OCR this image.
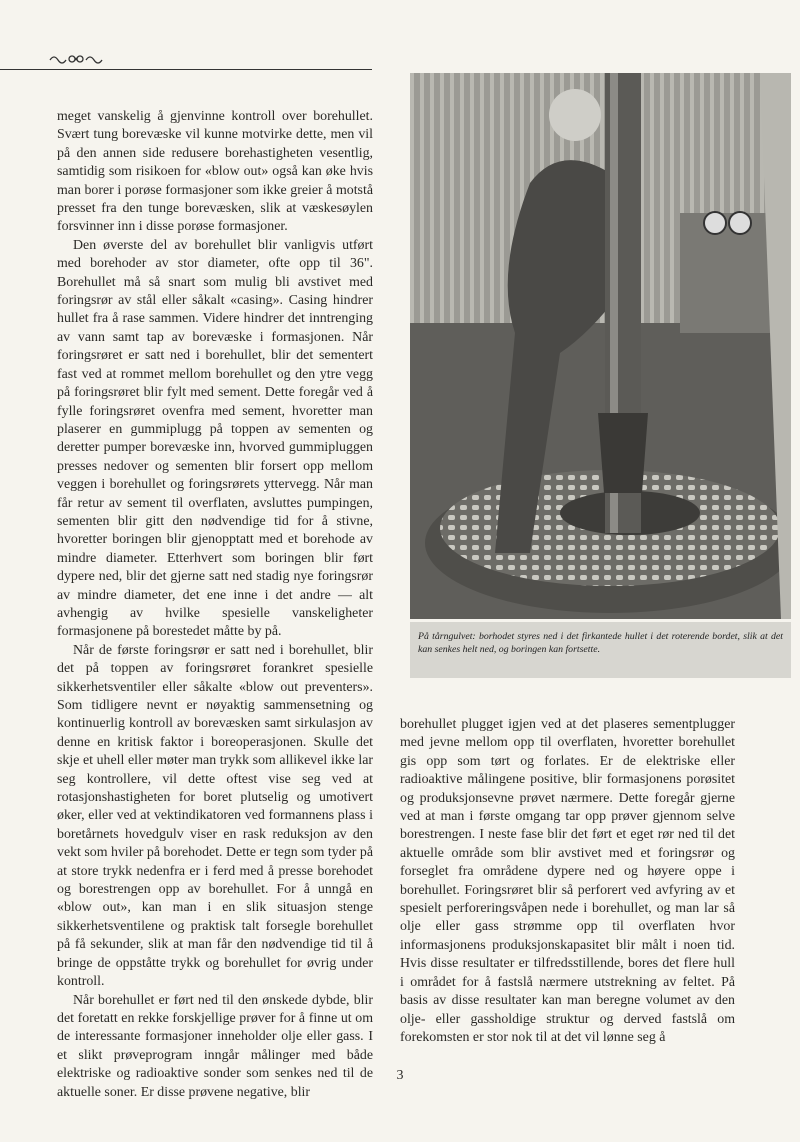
meget vanskelig å gjenvinne kontroll over borehullet. Svært tung borevæske vil kunne motvirke dette, men vil på den annen side redusere borehastigheten vesentlig, samtidig som risikoen for «blow out» også kan øke hvis man borer i porøse formasjoner som ikke greier å motstå presset fra den tunge borevæsken, slik at væskesøylen forsvinner inn i disse porøse formasjoner.

Den øverste del av borehullet blir vanligvis utført med borehoder av stor diameter, ofte opp til 36". Borehullet må så snart som mulig bli avstivet med foringsrør av stål eller såkalt «casing». Casing hindrer hullet fra å rase sammen. Videre hindrer det inntrenging av vann samt tap av borevæske i formasjonen. Når foringsrøret er satt ned i borehullet, blir det sementert fast ved at rommet mellom borehullet og den ytre vegg på foringsrøret blir fylt med sement. Dette foregår ved å fylle foringsrøret ovenfra med sement, hvoretter man plaserer en gummiplugg på toppen av sementen og deretter pumper borevæske inn, hvorved gummipluggen presses nedover og sementen blir forsert opp mellom veggen i borehullet og foringsrørets yttervegg. Når man får retur av sement til overflaten, avsluttes pumpingen, sementen blir gitt den nødvendige tid for å stivne, hvoretter boringen blir gjenopptatt med et borehode av mindre diameter. Etterhvert som boringen blir ført dypere ned, blir det gjerne satt ned stadig nye foringsrør av mindre diameter, det ene inne i det andre — alt avhengig av hvilke spesielle vanskeligheter formasjonene på borestedet måtte by på.

Når de første foringsrør er satt ned i borehullet, blir det på toppen av foringsrøret forankret spesielle sikkerhetsventiler eller såkalte «blow out preventers». Som tidligere nevnt er nøyaktig sammensetning og kontinuerlig kontroll av borevæsken samt sirkulasjon av denne en kritisk faktor i boreoperasjonen. Skulle det skje et uhell eller møter man trykk som allikevel ikke lar seg kontrollere, vil dette oftest vise seg ved at rotasjonshastigheten for boret plutselig og umotivert øker, eller ved at vektindikatoren ved formannens plass i boretårnets hovedgulv viser en rask reduksjon av den vekt som hviler på borehodet. Dette er tegn som tyder på at store trykk nedenfra er i ferd med å presse borehodet og borestrengen opp av borehullet. For å unngå en «blow out», kan man i en slik situasjon stenge sikkerhetsventilene og praktisk talt forsegle borehullet på få sekunder, slik at man får den nødvendige tid til å bringe de oppståtte trykk og borehullet for øvrig under kontroll.

Når borehullet er ført ned til den ønskede dybde, blir det foretatt en rekke forskjellige prøver for å finne ut om de interessante formasjoner inneholder olje eller gass. I et slikt prøveprogram inngår målinger med både elektriske og radioaktive sonder som senkes ned til de aktuelle soner. Er disse prøvene negative, blir

På tårngulvet: borhodet styres ned i det firkantede hullet i det roterende bordet, slik at det kan senkes helt ned, og boringen kan fortsette.

borehullet plugget igjen ved at det plaseres sementplugger med jevne mellom opp til overflaten, hvoretter borehullet gis opp som tørt og forlates. Er de elektriske eller radioaktive målingene positive, blir formasjonens porøsitet og produksjonsevne prøvet nærmere. Dette foregår gjerne ved at man i første omgang tar opp prøver gjennom selve borestrengen. I neste fase blir det ført et eget rør ned til det aktuelle område som blir avstivet med et foringsrør og forseglet fra områdene dypere ned og høyere oppe i borehullet. Foringsrøret blir så perforert ved avfyring av et spesielt perforeringsvåpen nede i borehullet, og man lar så olje eller gass strømme opp til overflaten hvor informasjonens produksjonskapasitet blir målt i noen tid. Hvis disse resultater er tilfredsstillende, bores det flere hull i området for å fastslå nærmere utstrekning av feltet. På basis av disse resultater kan man beregne volumet av den olje- eller gassholdige struktur og derved fastslå om forekomsten er stor nok til at det vil lønne seg å

3
